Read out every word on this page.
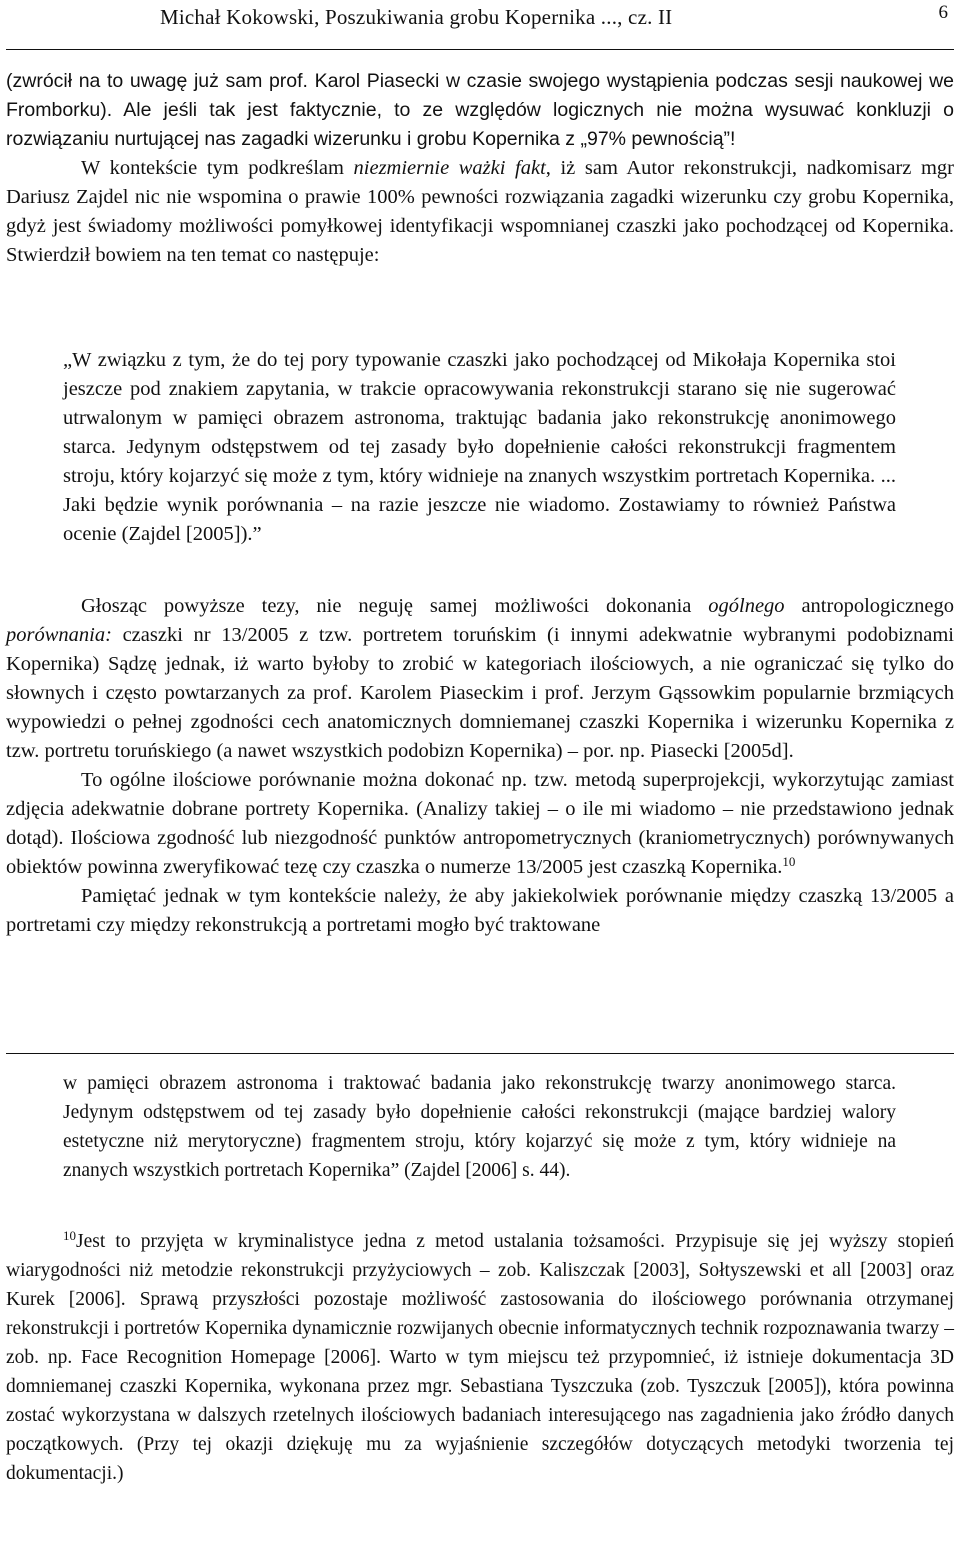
Michał Kokowski, Poszukiwania grobu Kopernika ..., cz. II	6

(zwrócił na to uwagę już sam prof. Karol Piasecki w czasie swojego wystąpienia podczas sesji naukowej we Fromborku). Ale jeśli tak jest faktycznie, to ze względów logicznych nie można wysuwać konkluzji o rozwiązaniu nurtującej nas zagadki wizerunku i grobu Kopernika z „97% pewnością”!

W kontekście tym podkreślam niezmiernie ważki fakt, iż sam Autor rekonstrukcji, nadkomisarz mgr Dariusz Zajdel nic nie wspomina o prawie 100% pewności rozwiązania zagadki wizerunku czy grobu Kopernika, gdyż jest świadomy możliwości pomyłkowej identyfikacji wspomnianej czaszki jako pochodzącej od Kopernika. Stwierdził bowiem na ten temat co następuje:

„W związku z tym, że do tej pory typowanie czaszki jako pochodzącej od Mikołaja Kopernika stoi jeszcze pod znakiem zapytania, w trakcie opracowywania rekonstrukcji starano się nie sugerować utrwalonym w pamięci obrazem astronoma, traktując badania jako rekonstrukcję anonimowego starca. Jedynym odstępstwem od tej zasady było dopełnienie całości rekonstrukcji fragmentem stroju, który kojarzyć się może z tym, który widnieje na znanych wszystkim portretach Kopernika. ... Jaki będzie wynik porównania – na razie jeszcze nie wiadomo. Zostawiamy to również Państwa ocenie (Zajdel [2005]).”

Głosząc powyższe tezy, nie neguję samej możliwości dokonania ogólnego antropologicznego porównania: czaszki nr 13/2005 z tzw. portretem toruńskim (i innymi adekwatnie wybranymi podobiznami Kopernika) Sądzę jednak, iż warto byłoby to zrobić w kategoriach ilościowych, a nie ograniczać się tylko do słownych i często powtarzanych za prof. Karolem Piaseckim i prof. Jerzym Gąssowkim popularnie brzmiących wypowiedzi o pełnej zgodności cech anatomicznych domniemanej czaszki Kopernika i wizerunku Kopernika z tzw. portretu toruńskiego (a nawet wszystkich podobizn Kopernika) – por. np. Piasecki [2005d].

To ogólne ilościowe porównanie można dokonać np. tzw. metodą superprojekcji, wykorzytując zamiast zdjęcia adekwatnie dobrane portrety Kopernika. (Analizy takiej – o ile mi wiadomo – nie przedstawiono jednak dotąd). Ilościowa zgodność lub niezgodność punktów antropometrycznych (kraniometrycznych) porównywanych obiektów powinna zweryfikować tezę czy czaszka o numerze 13/2005 jest czaszką Kopernika.$^{10}$

Pamiętać jednak w tym kontekście należy, że aby jakiekolwiek porównanie między czaszką 13/2005 a portretami czy między rekonstrukcją a portretami mogło być traktowane

w pamięci obrazem astronoma i traktować badania jako rekonstrukcję twarzy anonimowego starca. Jedynym odstępstwem od tej zasady było dopełnienie całości rekonstrukcji (mające bardziej walory estetyczne niż merytoryczne) fragmentem stroju, który kojarzyć się może z tym, który widnieje na znanych wszystkich portretach Kopernika” (Zajdel [2006] s. 44).

$^{10}$Jest to przyjęta w kryminalistyce jedna z metod ustalania tożsamości. Przypisuje się jej wyższy stopień wiarygodności niż metodzie rekonstrukcji przyżyciowych – zob. Kaliszczak [2003], Sołtyszewski et all [2003] oraz Kurek [2006]. Sprawą przyszłości pozostaje możliwość zastosowania do ilościowego porównania otrzymanej rekonstrukcji i portretów Kopernika dynamicznie rozwijanych obecnie informatycznych technik rozpoznawania twarzy – zob. np. Face Recognition Homepage [2006]. Warto w tym miejscu też przypomnieć, iż istnieje dokumentacja 3D domniemanej czaszki Kopernika, wykonana przez mgr. Sebastiana Tyszczuka (zob. Tyszczuk [2005]), która powinna zostać wykorzystana w dalszych rzetelnych ilościowych badaniach interesującego nas zagadnienia jako źródło danych początkowych. (Przy tej okazji dziękuję mu za wyjaśnienie szczegółów dotyczących metodyki tworzenia tej dokumentacji.)
